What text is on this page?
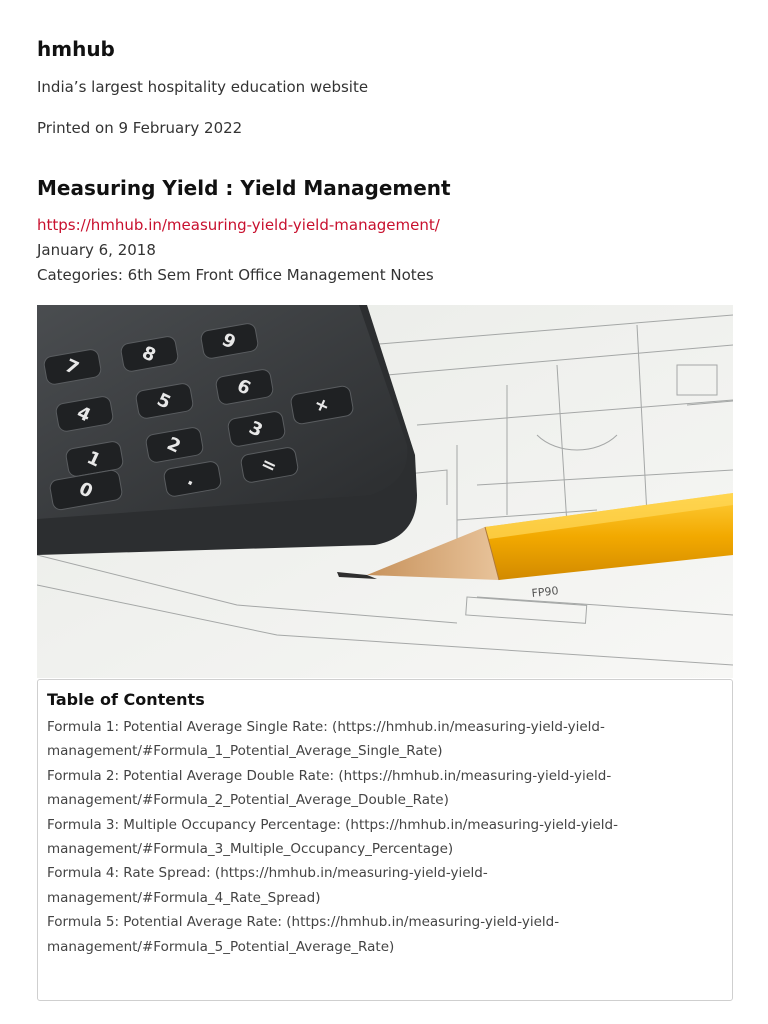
hmhub
India’s largest hospitality education website
Printed on 9 February 2022
Measuring Yield : Yield Management
https://hmhub.in/measuring-yield-yield-management/
January 6, 2018
Categories: 6th Sem Front Office Management Notes
7
8
9
4
5
6
1
2
3
0	.
=
+
FP90
Table of Contents
Formula 1: Potential Average Single Rate: (https://hmhub.in/measuring-yield-yield-
management/#Formula_1_Potential_Average_Single_Rate)
Formula 2: Potential Average Double Rate: (https://hmhub.in/measuring-yield-yield-
management/#Formula_2_Potential_Average_Double_Rate)
Formula 3: Multiple Occupancy Percentage: (https://hmhub.in/measuring-yield-yield-
management/#Formula_3_Multiple_Occupancy_Percentage)
Formula 4: Rate Spread: (https://hmhub.in/measuring-yield-yield-
management/#Formula_4_Rate_Spread)
Formula 5: Potential Average Rate: (https://hmhub.in/measuring-yield-yield-
management/#Formula_5_Potential_Average_Rate)
